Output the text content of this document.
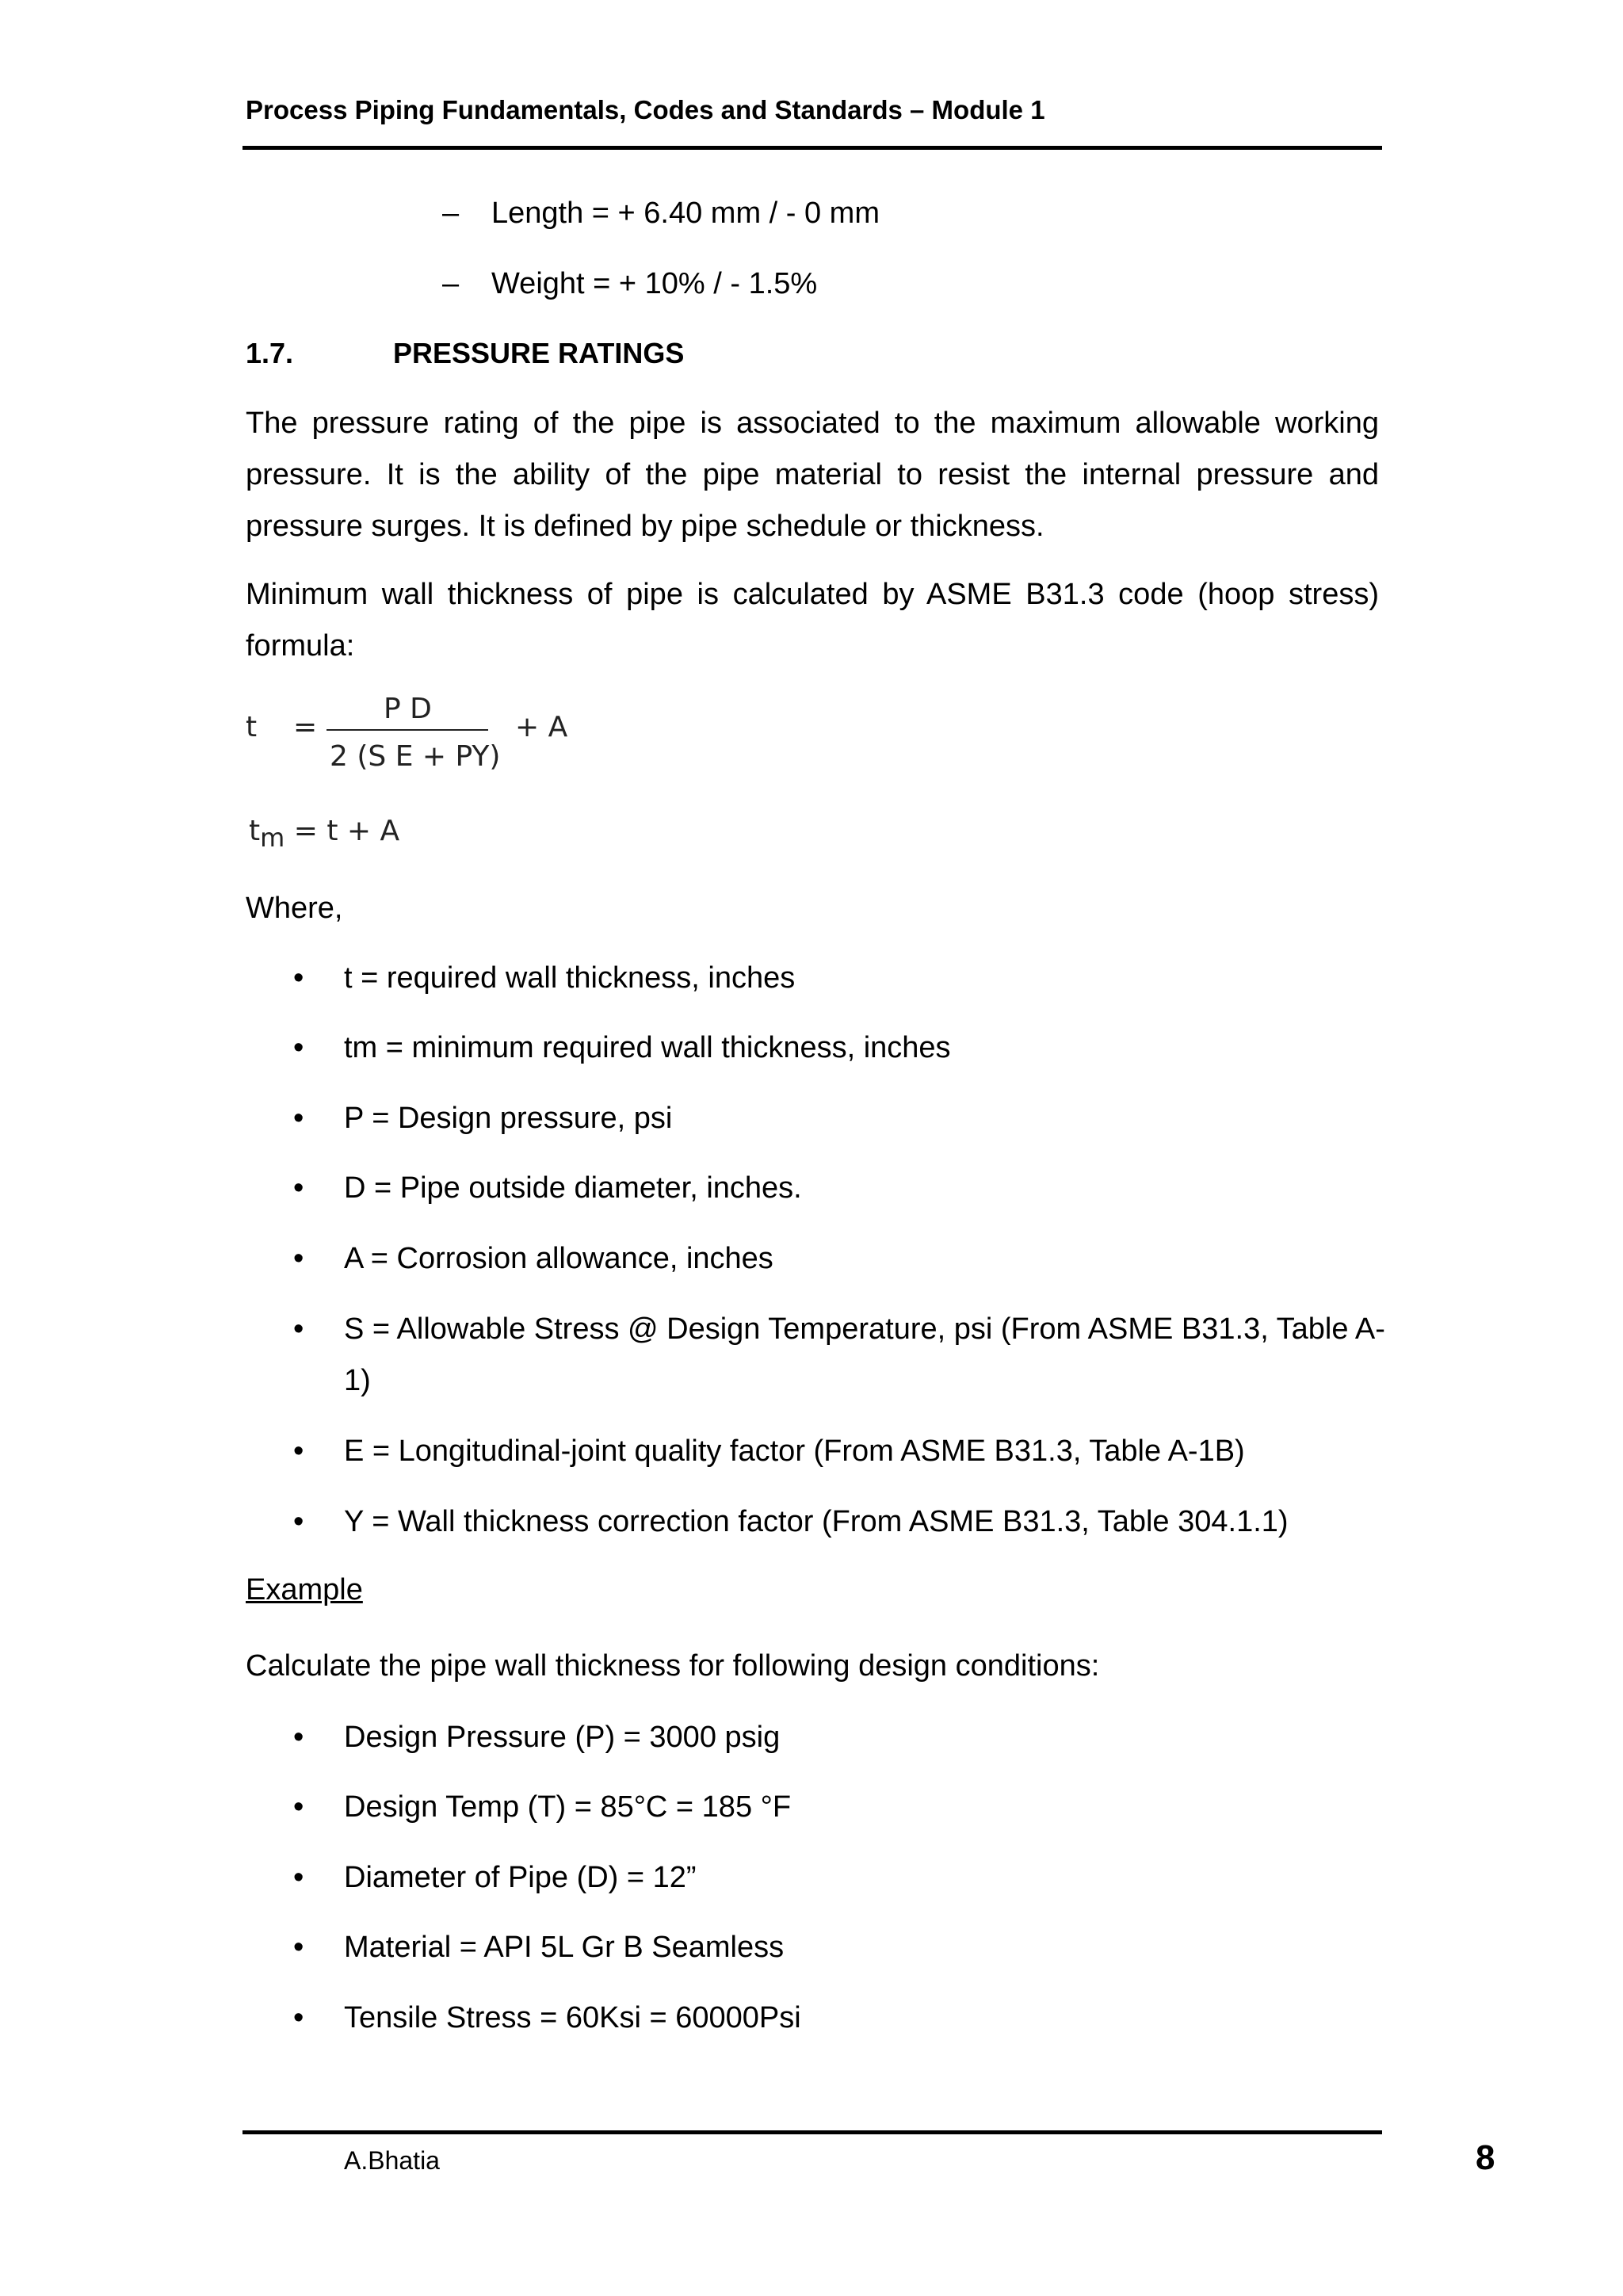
Process Piping Fundamentals, Codes and Standards – Module 1
– Length = + 6.40 mm / - 0 mm
– Weight = + 10% / - 1.5%
1.7.	PRESSURE RATINGS
The pressure rating of the pipe is associated to the maximum allowable working pressure. It is the ability of the pipe material to resist the internal pressure and pressure surges. It is defined by pipe schedule or thickness.
Minimum wall thickness of pipe is calculated by ASME B31.3 code (hoop stress) formula:
t =
P D
2 (S E + PY)
+ A
$t_m = t + A$
Where,
•	t = required wall thickness, inches
•	tm = minimum required wall thickness, inches
•	P = Design pressure, psi
•	D = Pipe outside diameter, inches.
•	A = Corrosion allowance, inches
•	S = Allowable Stress @ Design Temperature, psi (From ASME B31.3, Table A-1)
•	E = Longitudinal-joint quality factor (From ASME B31.3, Table A-1B)
•	Y = Wall thickness correction factor (From ASME B31.3, Table 304.1.1)
Example
Calculate the pipe wall thickness for following design conditions:
•	Design Pressure (P) = 3000 psig
•	Design Temp (T) = 85°C = 185 °F
•	Diameter of Pipe (D) = 12”
•	Material = API 5L Gr B Seamless
•	Tensile Stress = 60Ksi = 60000Psi
A.Bhatia	8
